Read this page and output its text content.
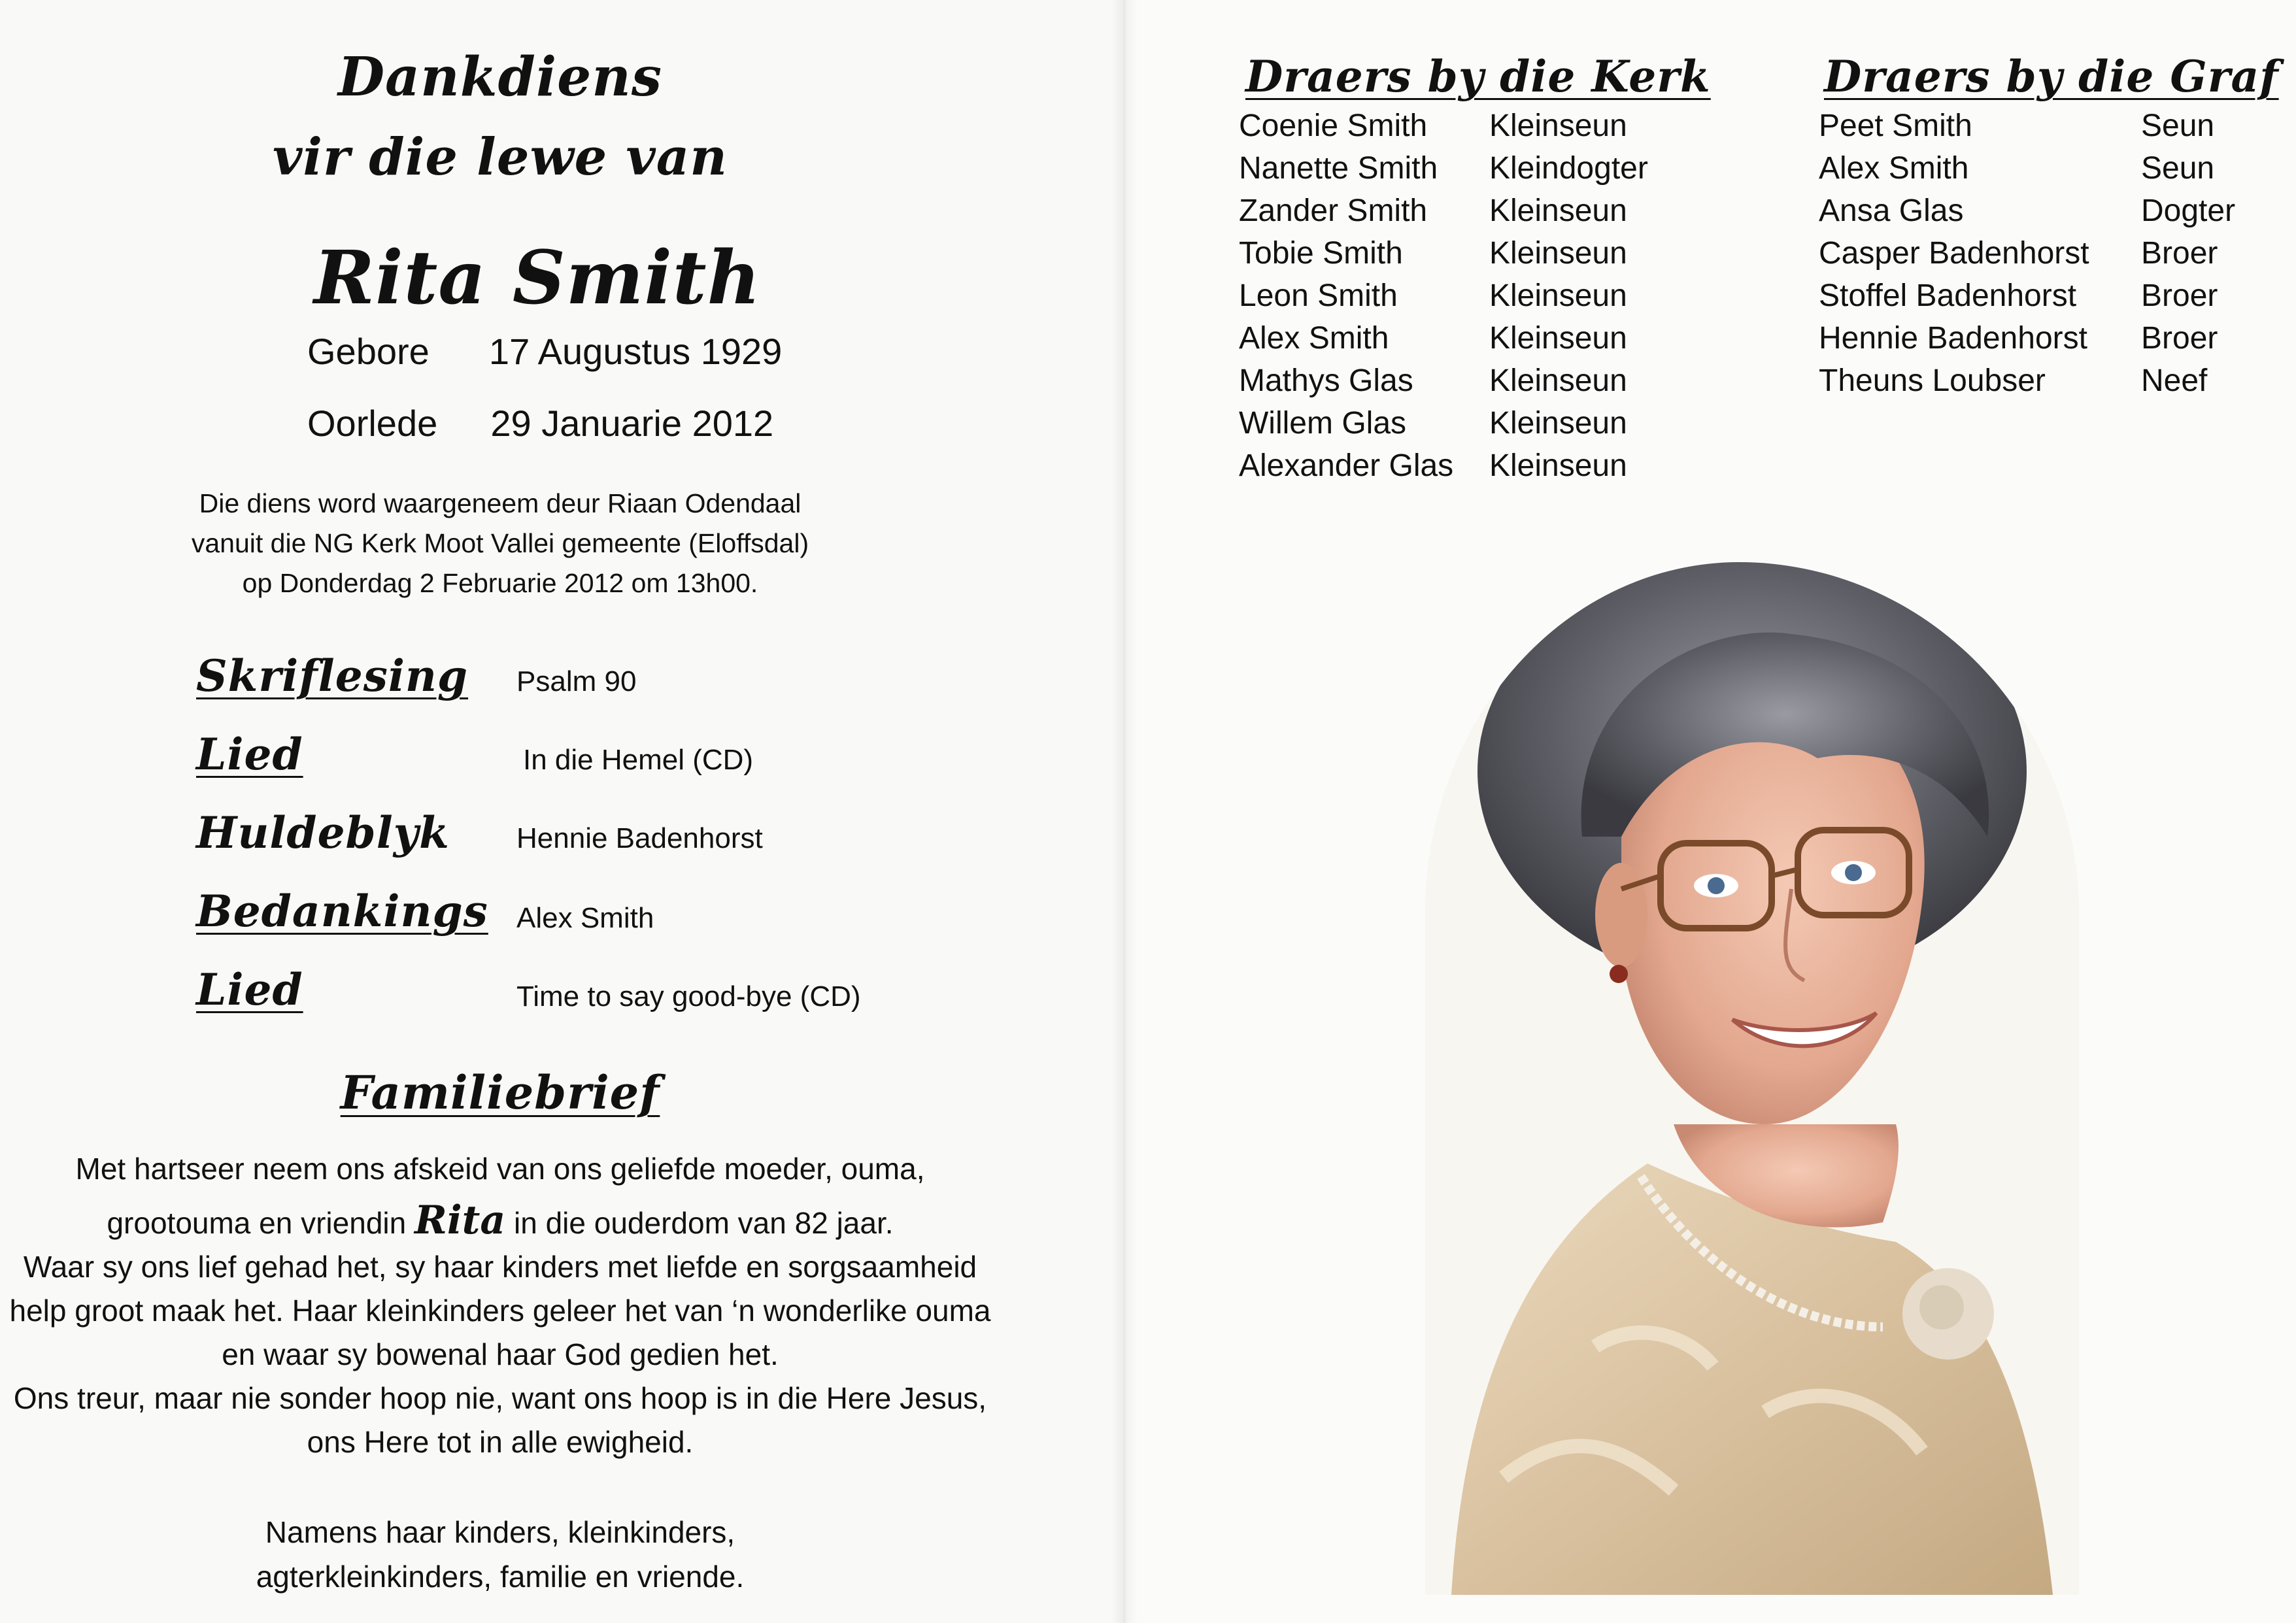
Dankdiens
vir die lewe van
Rita Smith
Gebore 17 Augustus 1929
Oorlede 29 Januarie 2012
Die diens word waargeneem deur Riaan Odendaal
vanuit die NG Kerk Moot Vallei gemeente (Eloffsdal)
op Donderdag 2 Februarie 2012 om 13h00.
Skriflesing Psalm 90
Lied	In die Hemel (CD)
Huldeblyk Hennie Badenhorst
Bedankings Alex Smith
Lied	Time to say good-bye (CD)
Familiebrief
Met hartseer neem ons afskeid van ons geliefde moeder, ouma,
grootouma en vriendin Rita in die ouderdom van 82 jaar.
Waar sy ons lief gehad het, sy haar kinders met liefde en sorgsaamheid
help groot maak het. Haar kleinkinders geleer het van ‘n wonderlike ouma
en waar sy bowenal haar God gedien het.
Ons treur, maar nie sonder hoop nie, want ons hoop is in die Here Jesus,
ons Here tot in alle ewigheid.
Namens haar kinders, kleinkinders,
agterkleinkinders, familie en vriende.
Draers by die Kerk
Coenie Smith
Nanette Smith
Zander Smith
Tobie Smith
Leon Smith
Alex Smith
Mathys Glas
Willem Glas
Alexander Glas
Kleinseun
Kleindogter
Kleinseun
Kleinseun
Kleinseun
Kleinseun
Kleinseun
Kleinseun
Kleinseun
Draers by die Graf
Peet Smith
Alex Smith
Ansa Glas
Casper Badenhorst
Stoffel Badenhorst
Hennie Badenhorst
Theuns Loubser
Seun
Seun
Dogter
Broer
Broer
Broer
Neef
